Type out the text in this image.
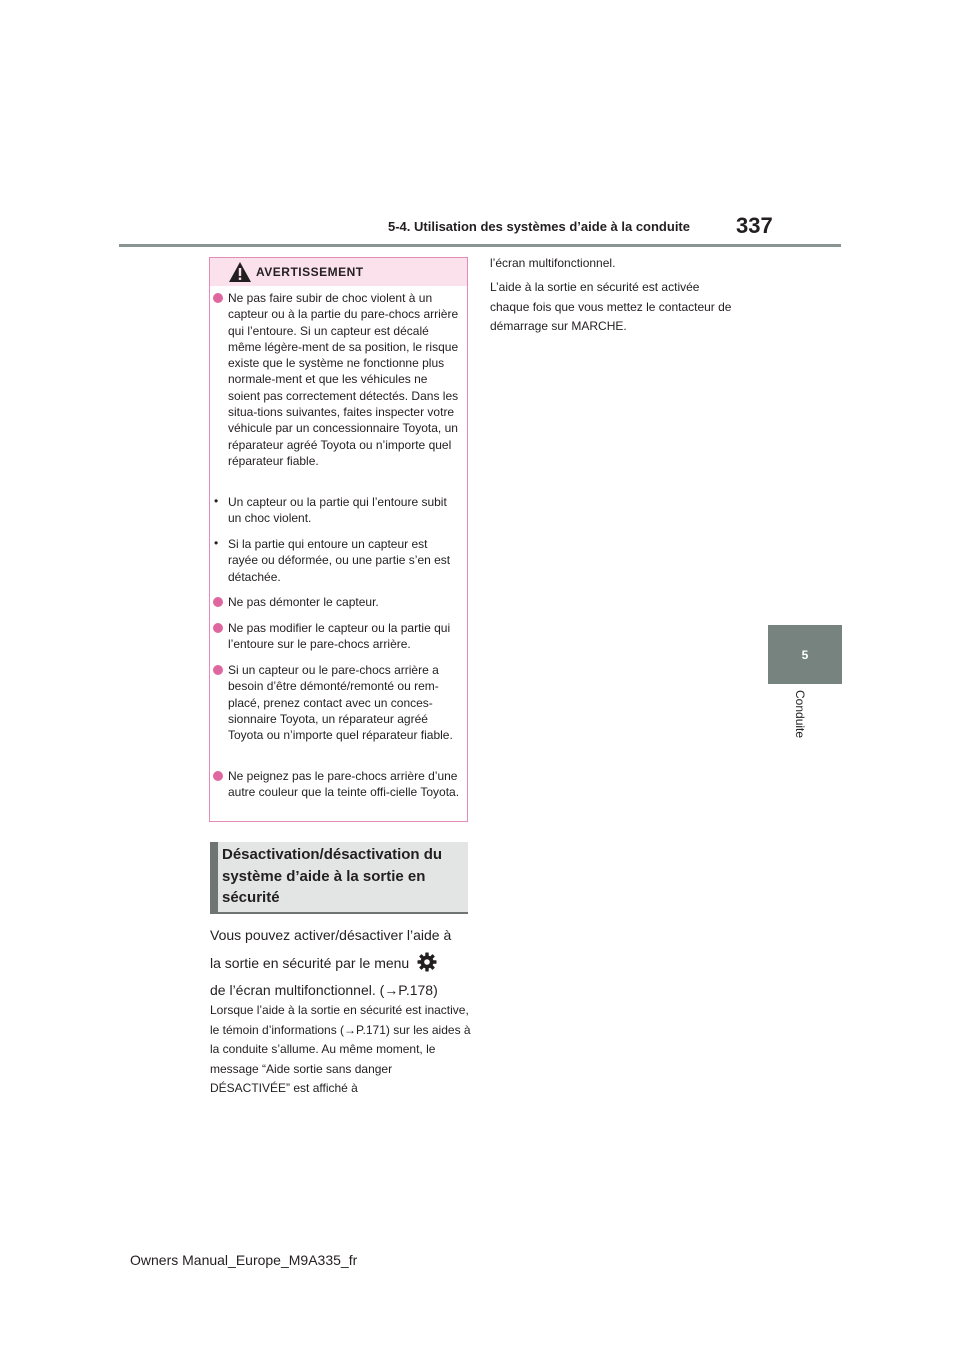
5-4. Utilisation des systèmes d’aide à la conduite 337
5
Conduite
AVERTISSEMENT

Ne pas faire subir de choc violent à un capteur ou à la partie du pare-chocs arrière qui l’entoure. Si un capteur est décalé même légère-ment de sa position, le risque existe que le système ne fonctionne plus normale-ment et que les véhicules ne soient pas correctement détectés. Dans les situa-tions suivantes, faites inspecter votre véhicule par un concessionnaire Toyota, un réparateur agréé Toyota ou n’importe quel réparateur fiable.

• Un capteur ou la partie qui l’entoure subit un choc violent.

• Si la partie qui entoure un capteur est rayée ou déformée, ou une partie s’en est détachée.

Ne pas démonter le capteur.

Ne pas modifier le capteur ou la partie qui l’entoure sur le pare-chocs arrière.

Si un capteur ou le pare-chocs arrière a besoin d’être démonté/remonté ou rem-placé, prenez contact avec un conces-sionnaire Toyota, un réparateur agréé Toyota ou n’importe quel réparateur fiable.

Ne peignez pas le pare-chocs arrière d’une autre couleur que la teinte offi-cielle Toyota.

Désactivation/désactivation du système d’aide à la sortie en sécurité
Vous pouvez activer/désactiver l’aide à
la sortie en sécurité par le menu
de l’écran multifonctionnel. (→P.178)
Lorsque l’aide à la sortie en sécurité est inactive, le témoin d’informations (→P.171) sur les aides à la conduite s’allume. Au même moment, le message “Aide sortie sans danger DÉSACTIVÉE” est affiché à
l’écran multifonctionnel.
L’aide à la sortie en sécurité est activée chaque fois que vous mettez le contacteur de démarrage sur MARCHE.
Owners Manual_Europe_M9A335_fr
